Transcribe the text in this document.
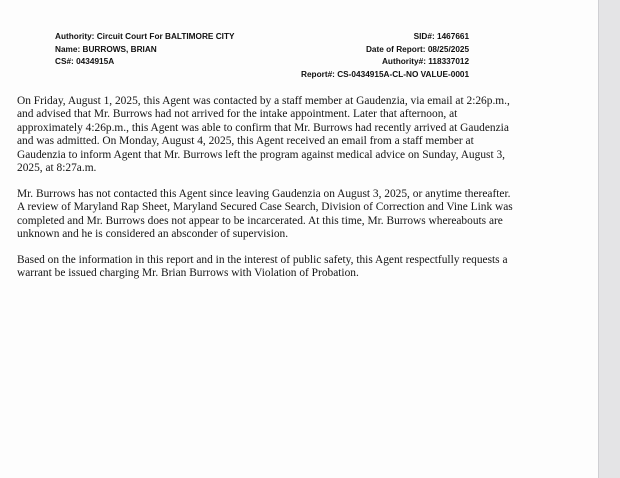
Authority: Circuit Court For BALTIMORE CITY
Name: BURROWS, BRIAN
CS#: 0434915A
SID#: 1467661
Date of Report: 08/25/2025
Authority#: 118337012
Report#: CS-0434915A-CL-NO VALUE-0001

On Friday, August 1, 2025, this Agent was contacted by a staff member at Gaudenzia, via email at 2:26p.m., and advised that Mr. Burrows had not arrived for the intake appointment. Later that afternoon, at approximately 4:26p.m., this Agent was able to confirm that Mr. Burrows had recently arrived at Gaudenzia and was admitted. On Monday, August 4, 2025, this Agent received an email from a staff member at Gaudenzia to inform Agent that Mr. Burrows left the program against medical advice on Sunday, August 3, 2025, at 8:27a.m.

Mr. Burrows has not contacted this Agent since leaving Gaudenzia on August 3, 2025, or anytime thereafter. A review of Maryland Rap Sheet, Maryland Secured Case Search, Division of Correction and Vine Link was completed and Mr. Burrows does not appear to be incarcerated. At this time, Mr. Burrows whereabouts are unknown and he is considered an absconder of supervision.

Based on the information in this report and in the interest of public safety, this Agent respectfully requests a warrant be issued charging Mr. Brian Burrows with Violation of Probation.
